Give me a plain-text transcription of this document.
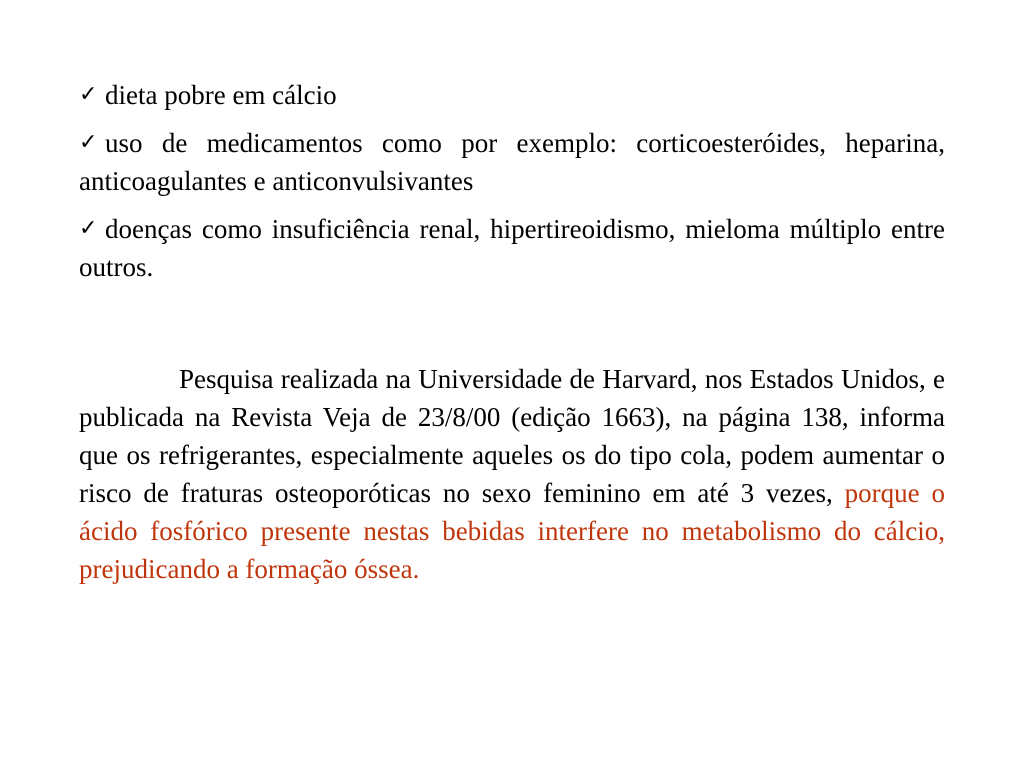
✓ dieta pobre em cálcio

✓ uso de medicamentos como por exemplo: corticoesteróides, heparina, anticoagulantes e anticonvulsivantes

✓ doenças como insuficiência renal, hipertireoidismo, mieloma múltiplo entre outros.

Pesquisa realizada na Universidade de Harvard, nos Estados Unidos, e publicada na Revista Veja de 23/8/00 (edição 1663), na página 138, informa que os refrigerantes, especialmente aqueles os do tipo cola, podem aumentar o risco de fraturas osteoporóticas no sexo feminino em até 3 vezes, porque o ácido fosfórico presente nestas bebidas interfere no metabolismo do cálcio, prejudicando a formação óssea.
